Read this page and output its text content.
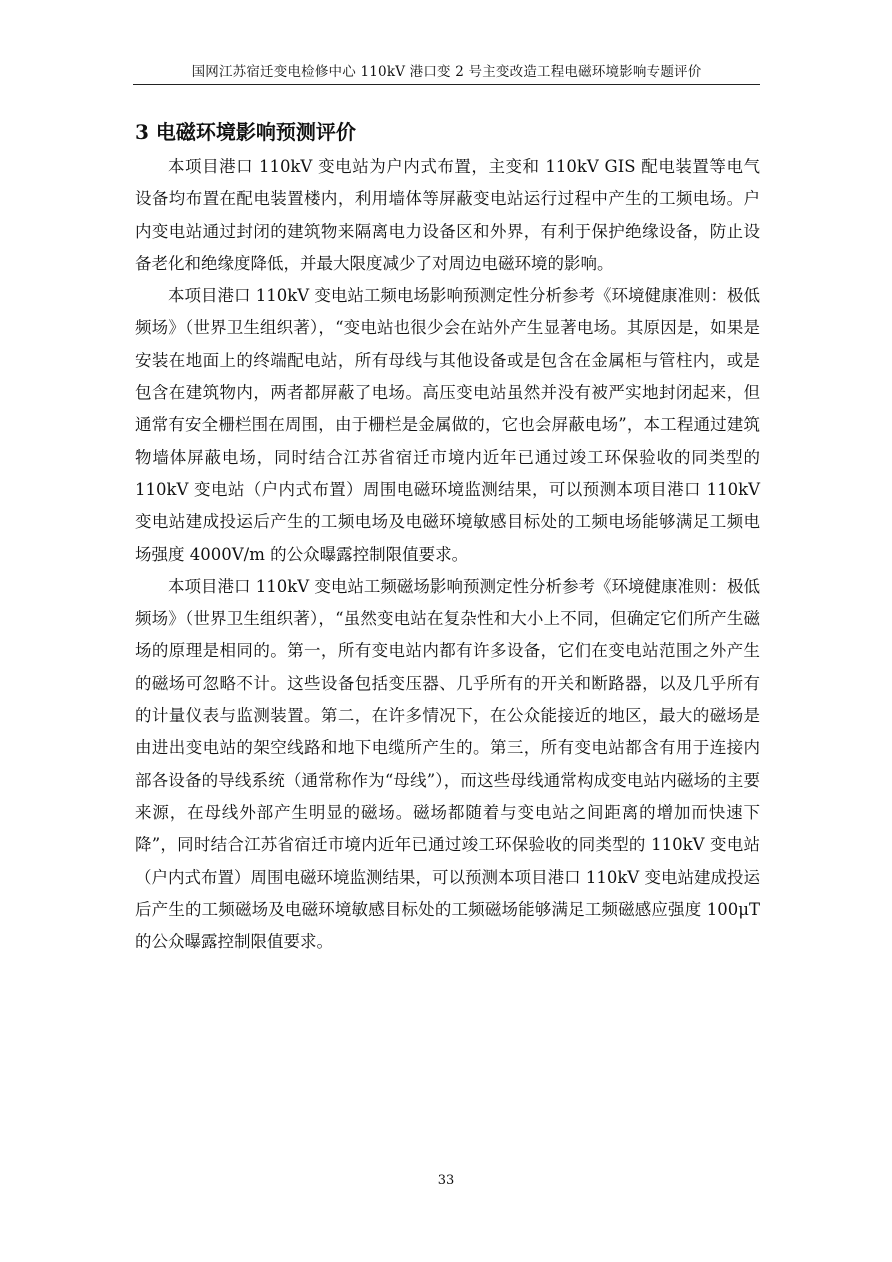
国网江苏宿迁变电检修中心 110kV 港口变 2 号主变改造工程电磁环境影响专题评价
3 电磁环境影响预测评价

本项目港口 110kV 变电站为户内式布置，主变和 110kV GIS 配电装置等电气设备均布置在配电装置楼内，利用墙体等屏蔽变电站运行过程中产生的工频电场。户内变电站通过封闭的建筑物来隔离电力设备区和外界，有利于保护绝缘设备，防止设备老化和绝缘度降低，并最大限度减少了对周边电磁环境的影响。

本项目港口 110kV 变电站工频电场影响预测定性分析参考《环境健康准则：极低频场》（世界卫生组织著），“变电站也很少会在站外产生显著电场。其原因是，如果是安装在地面上的终端配电站，所有母线与其他设备或是包含在金属柜与管柱内，或是包含在建筑物内，两者都屏蔽了电场。高压变电站虽然并没有被严实地封闭起来，但通常有安全栅栏围在周围，由于栅栏是金属做的，它也会屏蔽电场”，本工程通过建筑物墙体屏蔽电场，同时结合江苏省宿迁市境内近年已通过竣工环保验收的同类型的 110kV 变电站（户内式布置）周围电磁环境监测结果，可以预测本项目港口 110kV 变电站建成投运后产生的工频电场及电磁环境敏感目标处的工频电场能够满足工频电场强度 4000V/m 的公众曝露控制限值要求。

本项目港口 110kV 变电站工频磁场影响预测定性分析参考《环境健康准则：极低频场》（世界卫生组织著），“虽然变电站在复杂性和大小上不同，但确定它们所产生磁场的原理是相同的。第一，所有变电站内都有许多设备，它们在变电站范围之外产生的磁场可忽略不计。这些设备包括变压器、几乎所有的开关和断路器，以及几乎所有的计量仪表与监测装置。第二，在许多情况下，在公众能接近的地区，最大的磁场是由进出变电站的架空线路和地下电缆所产生的。第三，所有变电站都含有用于连接内部各设备的导线系统（通常称作为“母线”），而这些母线通常构成变电站内磁场的主要来源，在母线外部产生明显的磁场。磁场都随着与变电站之间距离的增加而快速下降”，同时结合江苏省宿迁市境内近年已通过竣工环保验收的同类型的 110kV 变电站（户内式布置）周围电磁环境监测结果，可以预测本项目港口 110kV 变电站建成投运后产生的工频磁场及电磁环境敏感目标处的工频磁场能够满足工频磁感应强度 100μT 的公众曝露控制限值要求。

33
